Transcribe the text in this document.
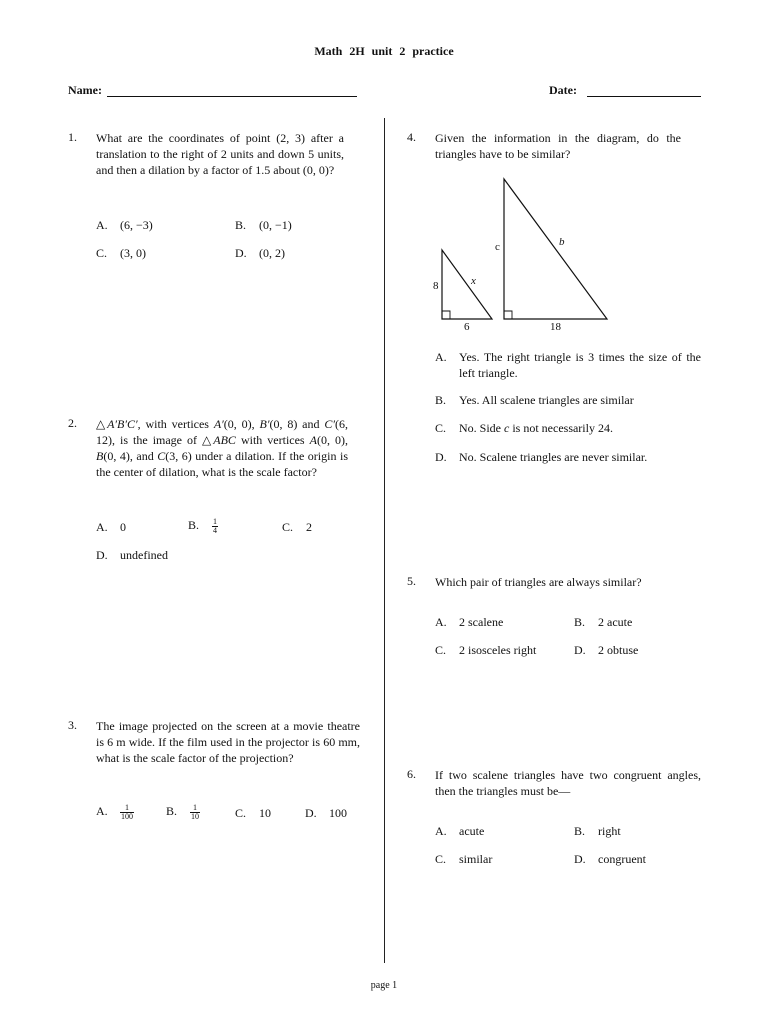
Math 2H unit 2 practice
Name:	Date:
1. What are the coordinates of point (2, 3) after a translation to the right of 2 units and down 5 units, and then a dilation by a factor of 1.5 about (0, 0)?
A. (6, −3)	B. (0, −1)
C. (3, 0)	D. (0, 2)
2. △A′B′C′, with vertices A′(0, 0), B′(0, 8) and C′(6, 12), is the image of △ABC with vertices A(0, 0), B(0, 4), and C(3, 6) under a dilation. If the origin is the center of dilation, what is the scale factor?
A. 0	B. $\frac{1}{4}$	C. 2
D. undefined
3. The image projected on the screen at a movie theatre is 6 m wide. If the film used in the projector is 60 mm, what is the scale factor of the projection?
A. $\frac{1}{100}$	B. $\frac{1}{10}$	C. 10	D. 100
4. Given the information in the diagram, do the triangles have to be similar?
8	x
6
c	b
18
A. Yes. The right triangle is 3 times the size of the left triangle.
B. Yes. All scalene triangles are similar
C. No. Side c is not necessarily 24.
D. No. Scalene triangles are never similar.
5. Which pair of triangles are always similar?
A. 2 scalene	B. 2 acute
C. 2 isosceles right	D. 2 obtuse
6. If two scalene triangles have two congruent angles, then the triangles must be—
A. acute	B. right
C. similar	D. congruent
page 1
